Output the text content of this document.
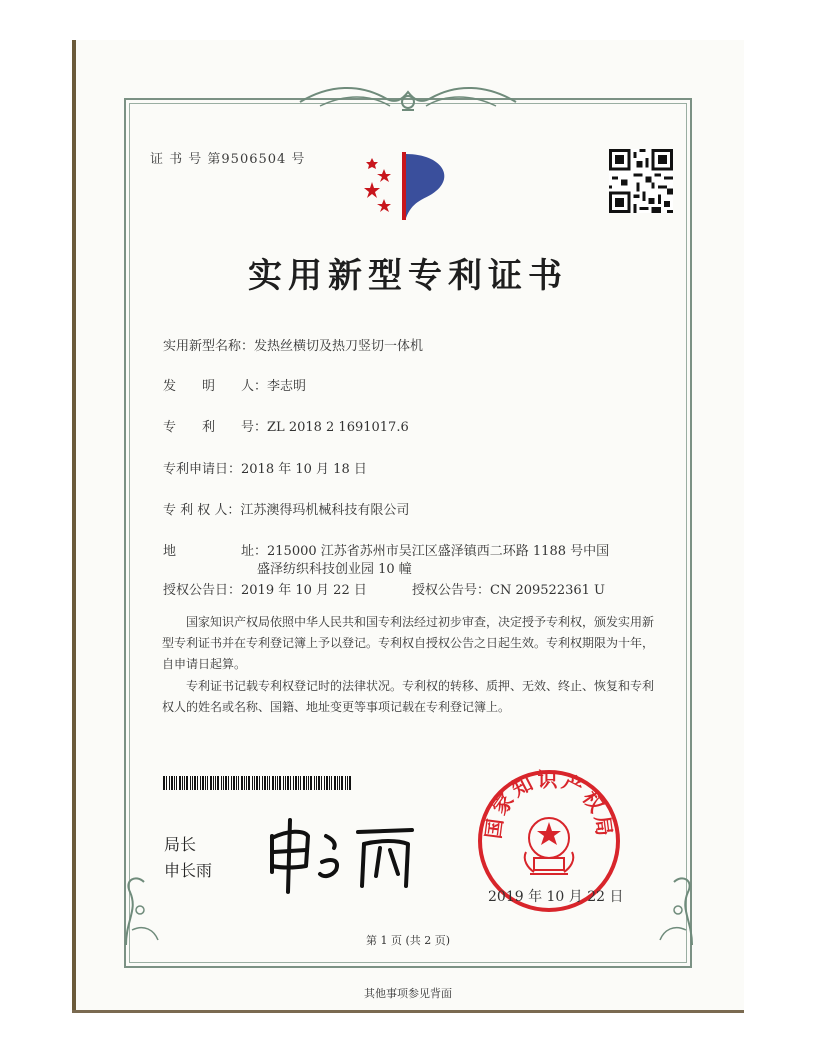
证 书 号 第9506504 号
实用新型专利证书
实用新型名称：发热丝横切及热刀竖切一体机
发　　明　　人：李志明
专　　利　　号：ZL 2018 2 1691017.6
专利申请日：2018 年 10 月 18 日
专 利 权 人：江苏澳得玛机械科技有限公司
地　　　　　址：215000 江苏省苏州市吴江区盛泽镇西二环路 1188 号中国
盛泽纺织科技创业园 10 幢
授权公告日：2019 年 10 月 22 日	授权公告号：CN 209522361 U
国家知识产权局依照中华人民共和国专利法经过初步审查，决定授予专利权，颁发实用新型专利证书并在专利登记簿上予以登记。专利权自授权公告之日起生效。专利权期限为十年，自申请日起算。
专利证书记载专利权登记时的法律状况。专利权的转移、质押、无效、终止、恢复和专利权人的姓名或名称、国籍、地址变更等事项记载在专利登记簿上。
局长
申长雨
国家知识产权局
2019 年 10 月 22 日
第 1 页 (共 2 页)
其他事项参见背面
